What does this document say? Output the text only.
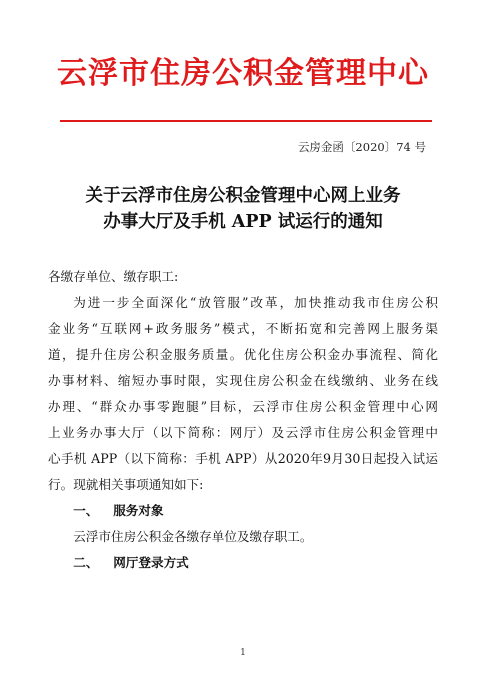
云浮市住房公积金管理中心
云房金函〔2020〕74 号
关于云浮市住房公积金管理中心网上业务
办事大厅及手机 APP 试运行的通知
各缴存单位、缴存职工:
为进一步全面深化“放管服”改革，加快推动我市住房公积
金业务“互联网+政务服务”模式，不断拓宽和完善网上服务渠
道，提升住房公积金服务质量。优化住房公积金办事流程、简化
办事材料、缩短办事时限，实现住房公积金在线缴纳、业务在线
办理、“群众办事零跑腿”目标，云浮市住房公积金管理中心网
上业务办事大厅（以下简称：网厅）及云浮市住房公积金管理中
心手机 APP（以下简称：手机 APP）从2020年9月30日起投入试运
行。现就相关事项通知如下:
一、 服务对象
云浮市住房公积金各缴存单位及缴存职工。
二、 网厅登录方式
1
